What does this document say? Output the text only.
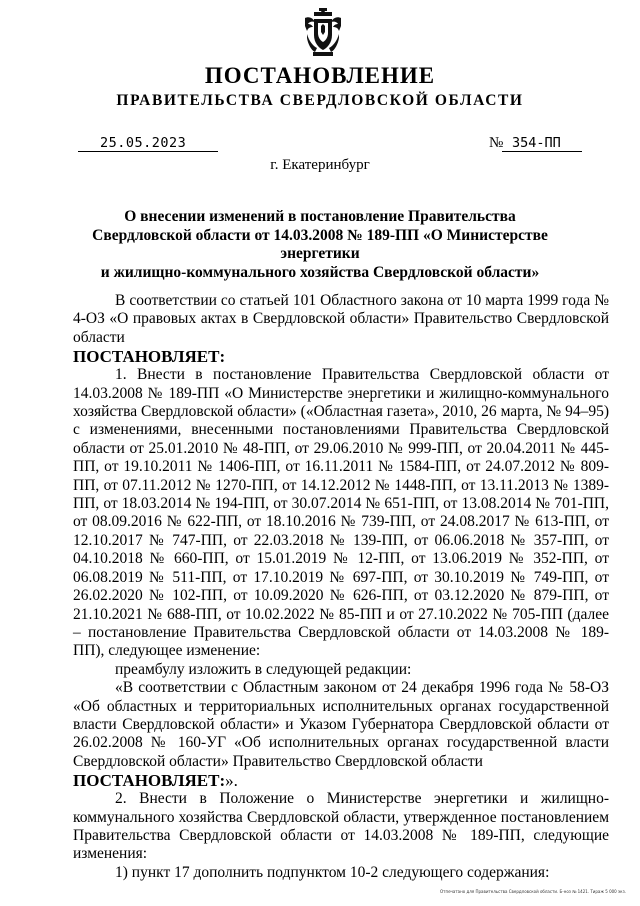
ПОСТАНОВЛЕНИЕ
ПРАВИТЕЛЬСТВА СВЕРДЛОВСКОЙ ОБЛАСТИ
25.05.2023	№ 354-ПП
г. Екатеринбург
О внесении изменений в постановление Правительства
Свердловской области от 14.03.2008 № 189-ПП «О Министерстве энергетики
и жилищно-коммунального хозяйства Свердловской области»

В соответствии со статьей 101 Областного закона от 10 марта 1999 года № 4-ОЗ «О правовых актах в Свердловской области» Правительство Свердловской области

ПОСТАНОВЛЯЕТ:

1. Внести в постановление Правительства Свердловской области от 14.03.2008 № 189-ПП «О Министерстве энергетики и жилищно-коммунального хозяйства Свердловской области» («Областная газета», 2010, 26 марта, № 94–95) с изменениями, внесенными постановлениями Правительства Свердловской области от 25.01.2010 № 48-ПП, от 29.06.2010 № 999-ПП, от 20.04.2011 № 445-ПП, от 19.10.2011 № 1406-ПП, от 16.11.2011 № 1584-ПП, от 24.07.2012 № 809-ПП, от 07.11.2012 № 1270-ПП, от 14.12.2012 № 1448-ПП, от 13.11.2013 № 1389-ПП, от 18.03.2014 № 194-ПП, от 30.07.2014 № 651-ПП, от 13.08.2014 № 701-ПП, от 08.09.2016 № 622-ПП, от 18.10.2016 № 739-ПП, от 24.08.2017 № 613-ПП, от 12.10.2017 № 747-ПП, от 22.03.2018 № 139-ПП, от 06.06.2018 № 357-ПП, от 04.10.2018 № 660-ПП, от 15.01.2019 № 12-ПП, от 13.06.2019 № 352-ПП, от 06.08.2019 № 511-ПП, от 17.10.2019 № 697-ПП, от 30.10.2019 № 749-ПП, от 26.02.2020 № 102-ПП, от 10.09.2020 № 626-ПП, от 03.12.2020 № 879-ПП, от 21.10.2021 № 688-ПП, от 10.02.2022 № 85-ПП и от 27.10.2022 № 705-ПП (далее – постановление Правительства Свердловской области от 14.03.2008 № 189-ПП), следующее изменение:

преамбулу изложить в следующей редакции:

«В соответствии с Областным законом от 24 декабря 1996 года № 58-ОЗ «Об областных и территориальных исполнительных органах государственной власти Свердловской области» и Указом Губернатора Свердловской области от 26.02.2008 № 160-УГ «Об исполнительных органах государственной власти Свердловской области» Правительство Свердловской области

ПОСТАНОВЛЯЕТ:».

2. Внести в Положение о Министерстве энергетики и жилищно-коммунального хозяйства Свердловской области, утвержденное постановлением Правительства Свердловской области от 14.03.2008 № 189-ПП, следующие изменения:

1) пункт 17 дополнить подпунктом 10-2 следующего содержания:

Отпечатано для Правительства Свердловской области. Б-ноз № 1421. Тираж 5 000 экз.
